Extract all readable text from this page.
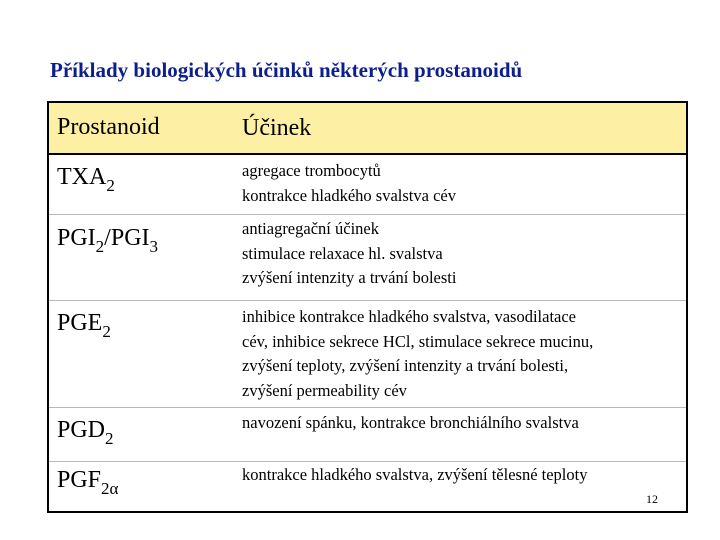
Příklady biologických účinků některých prostanoidů
Prostanoid	Účinek
$TXA_2$
agregace trombocytů
kontrakce hladkého svalstva cév
$PGI_2/PGI_3$
antiagregační účinek
stimulace relaxace hl. svalstva
zvýšení intenzity a trvání bolesti
$PGE_2$
inhibice kontrakce hladkého svalstva, vasodilatace
cév, inhibice sekrece HCl, stimulace sekrece mucinu,
zvýšení teploty, zvýšení intenzity a trvání bolesti,
zvýšení permeability cév
$PGD_2$
navození spánku, kontrakce bronchiálního svalstva
$PGF_{2\alpha}$
kontrakce hladkého svalstva, zvýšení tělesné teploty
12
